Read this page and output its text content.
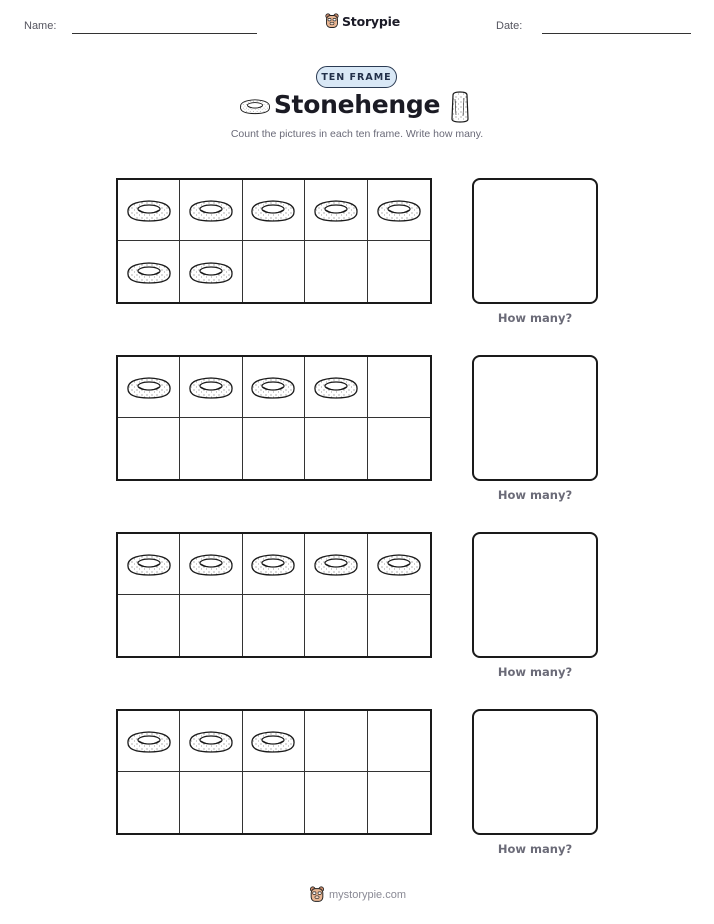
Name:	Storypie	Date:
TEN FRAME
Stonehenge
Count the pictures in each ten frame. Write how many.
How many?
How many?
How many?
How many?
mystorypie.com
